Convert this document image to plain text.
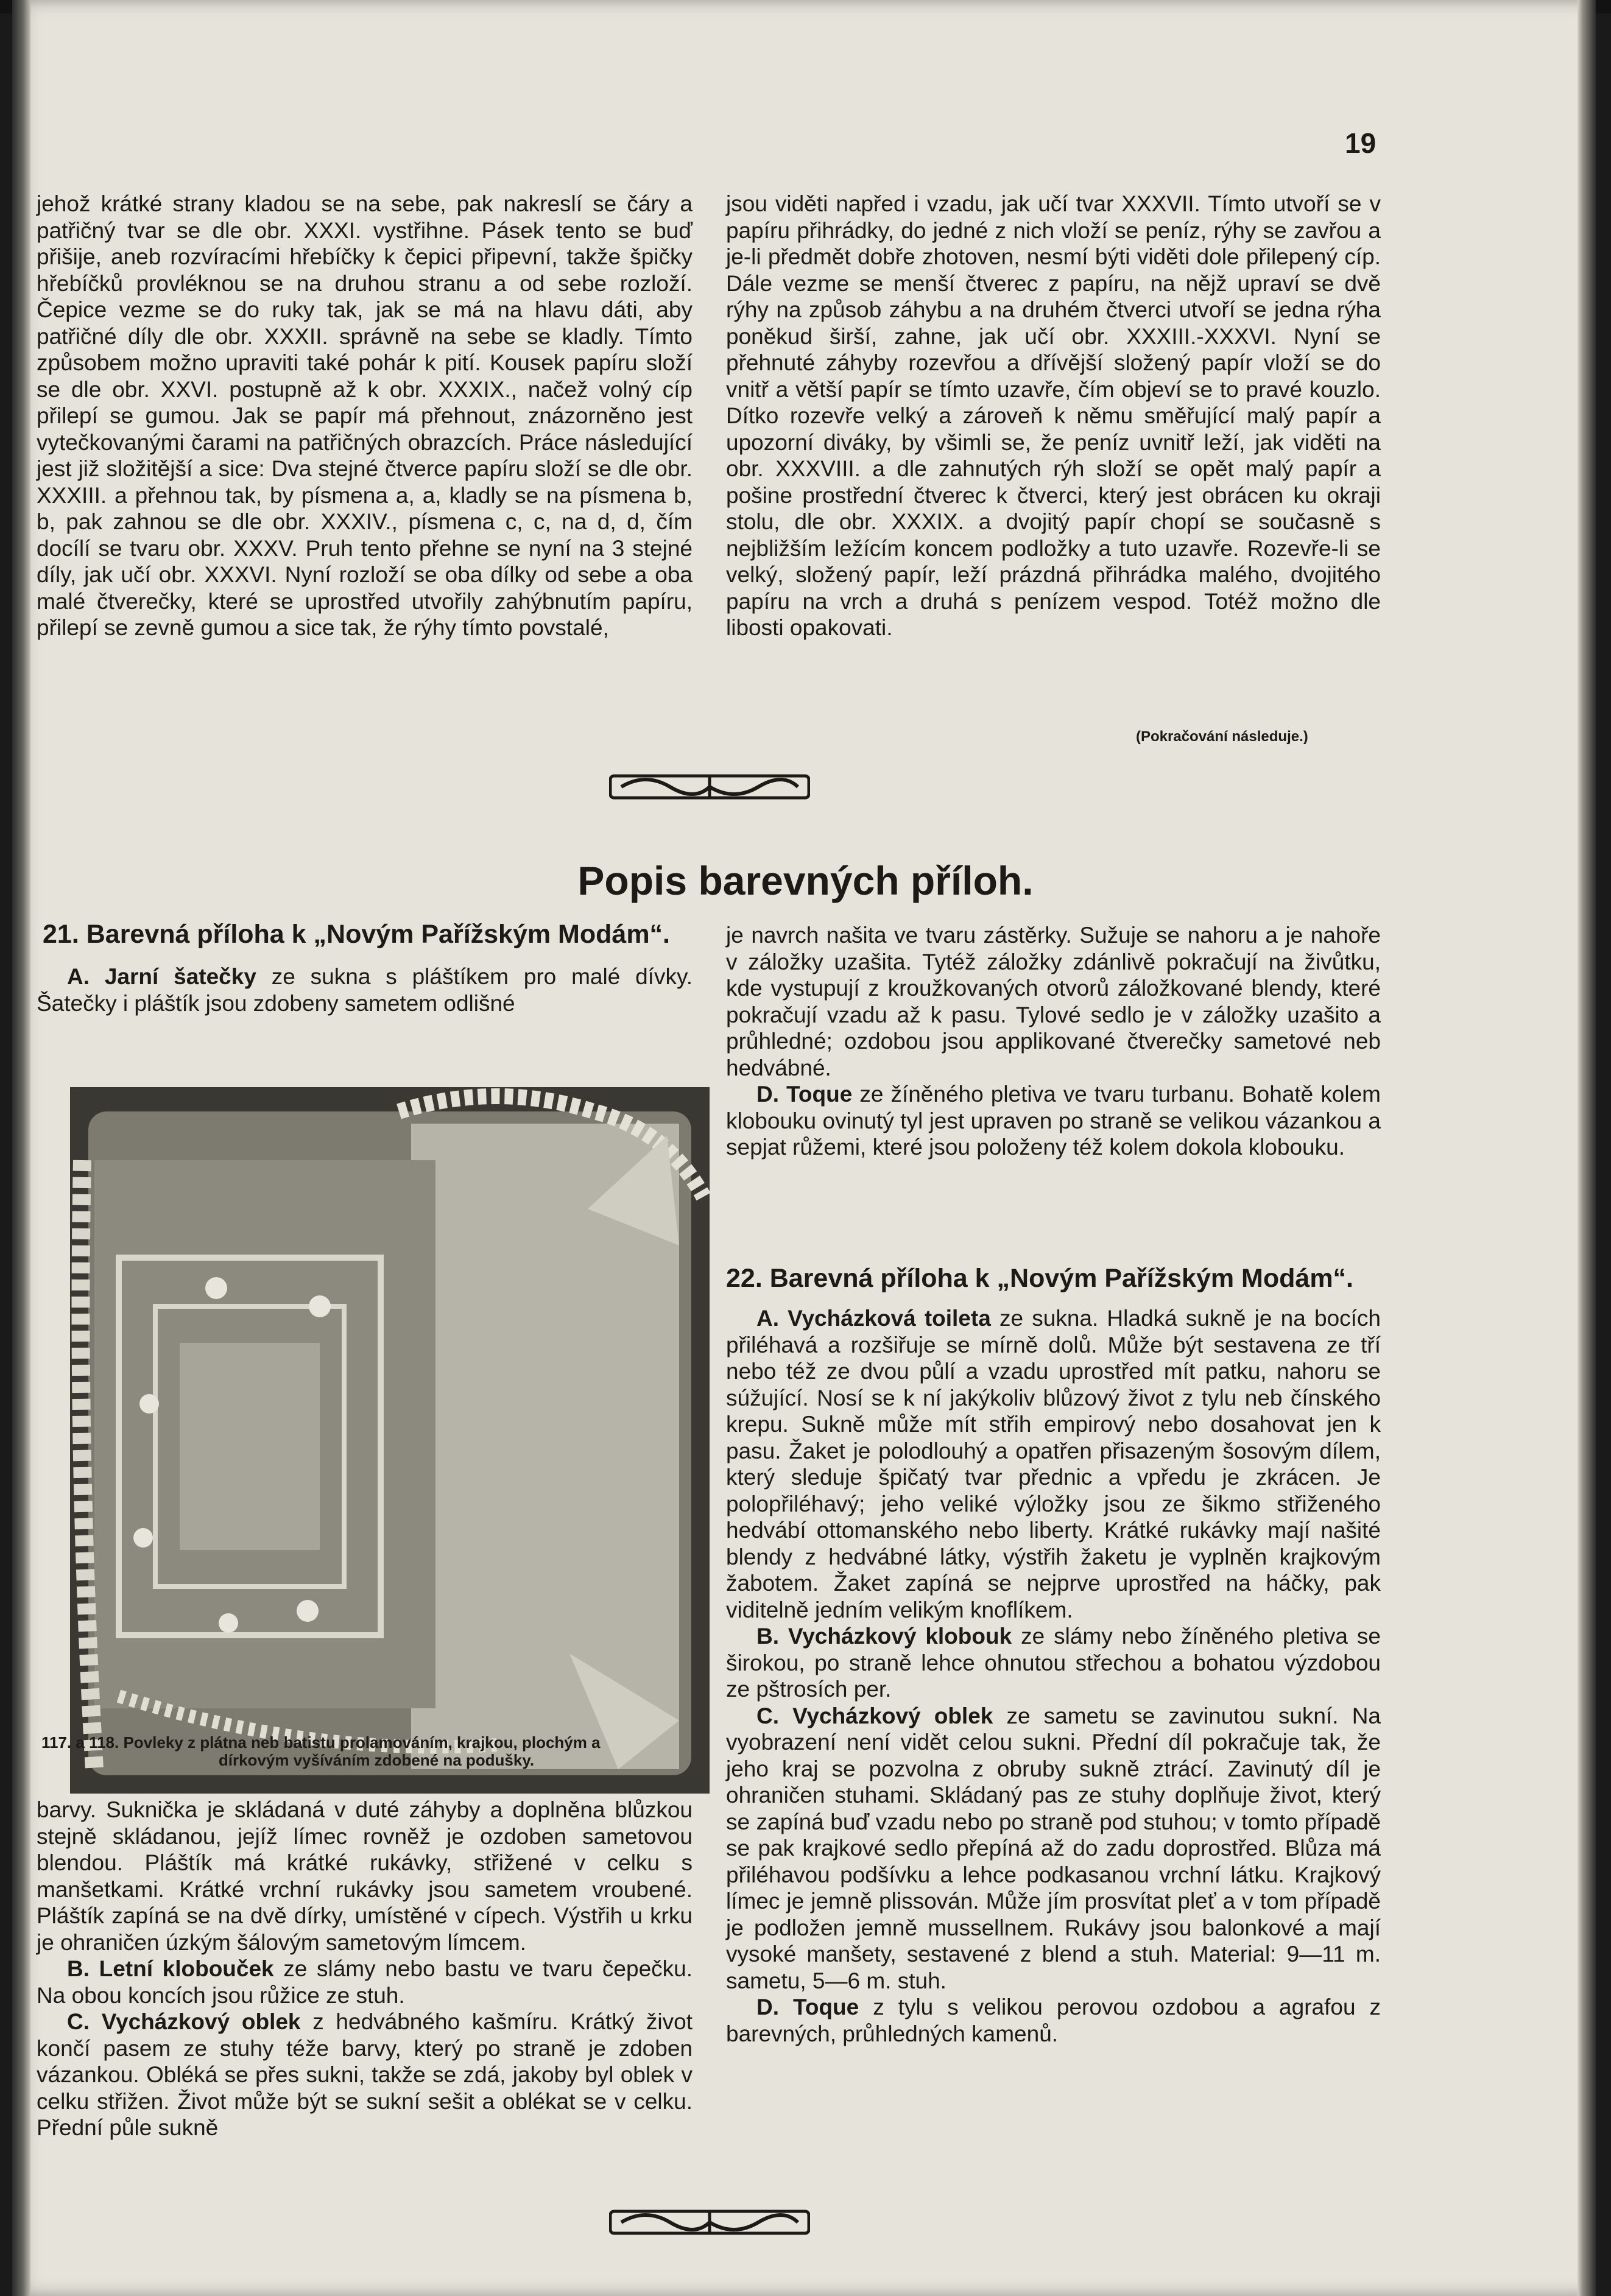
19

jehož krátké strany kladou se na sebe, pak nakreslí se čáry a patřičný tvar se dle obr. XXXI. vystřihne. Pásek tento se buď přišije, aneb rozvíracími hřebíčky k čepici připevní, takže špičky hřebíčků provléknou se na druhou stranu a od sebe rozloží. Čepice vezme se do ruky tak, jak se má na hlavu dáti, aby patřičné díly dle obr. XXXII. správně na sebe se kladly. Tímto způsobem možno upraviti také pohár k pití. Kousek papíru složí se dle obr. XXVI. postupně až k obr. XXXIX., načež volný cíp přilepí se gumou. Jak se papír má přehnout, znázorněno jest vytečkovanými čarami na patřičných obrazcích. Práce následující jest již složitější a sice: Dva stejné čtverce papíru složí se dle obr. XXXIII. a přehnou tak, by písmena a, a, kladly se na písmena b, b, pak zahnou se dle obr. XXXIV., písmena c, c, na d, d, čím docílí se tvaru obr. XXXV. Pruh tento přehne se nyní na 3 stejné díly, jak učí obr. XXXVI. Nyní rozloží se oba dílky od sebe a oba malé čtverečky, které se uprostřed utvořily zahýbnutím papíru, přilepí se zevně gumou a sice tak, že rýhy tímto povstalé,

jsou viděti napřed i vzadu, jak učí tvar XXXVII. Tímto utvoří se v papíru přihrádky, do jedné z nich vloží se peníz, rýhy se zavřou a je-li předmět dobře zhotoven, nesmí býti viděti dole přilepený cíp. Dále vezme se menší čtverec z papíru, na nějž upraví se dvě rýhy na způsob záhybu a na druhém čtverci utvoří se jedna rýha poněkud širší, zahne, jak učí obr. XXXIII.-XXXVI. Nyní se přehnuté záhyby rozevřou a dřívější složený papír vloží se do vnitř a větší papír se tímto uzavře, čím objeví se to pravé kouzlo. Dítko rozevře velký a zároveň k němu směřující malý papír a upozorní diváky, by všimli se, že peníz uvnitř leží, jak viděti na obr. XXXVIII. a dle zahnutých rýh složí se opět malý papír a pošine prostřední čtverec k čtverci, který jest obrácen ku okraji stolu, dle obr. XXXIX. a dvojitý papír chopí se současně s nejbližším ležícím koncem podložky a tuto uzavře. Rozevře-li se velký, složený papír, leží prázdná přihrádka malého, dvojitého papíru na vrch a druhá s penízem vespod. Totéž možno dle libosti opakovati.

(Pokračování následuje.)
Popis barevných příloh.
21. Barevná příloha k „Novým Pařížským Modám“.

A. Jarní šatečky ze sukna s pláštíkem pro malé dívky. Šatečky i pláštík jsou zdobeny sametem odlišné

117. a 118. Povleky z plátna neb batistu prolamováním, krajkou, plochým a
dírkovým vyšíváním zdobené na podušky.

barvy. Suknička je skládaná v duté záhyby a doplněna blůzkou stejně skládanou, jejíž límec rovněž je ozdoben sametovou blendou. Pláštík má krátké rukávky, střižené v celku s manšetkami. Krátké vrchní rukávky jsou sametem vroubené. Pláštík zapíná se na dvě dírky, umístěné v cípech. Výstřih u krku je ohraničen úzkým šálovým sametovým límcem.

B. Letní klobouček ze slámy nebo bastu ve tvaru čepečku. Na obou koncích jsou růžice ze stuh.

C. Vycházkový oblek z hedvábného kašmíru. Krátký život končí pasem ze stuhy téže barvy, který po straně je zdoben vázankou. Obléká se přes sukni, takže se zdá, jakoby byl oblek v celku střižen. Život může být se sukní sešit a oblékat se v celku. Přední půle sukně

je navrch našita ve tvaru zástěrky. Sužuje se nahoru a je nahoře v záložky uzašita. Tytéž záložky zdánlivě pokračují na živůtku, kde vystupují z kroužkovaných otvorů záložkované blendy, které pokračují vzadu až k pasu. Tylové sedlo je v záložky uzašito a průhledné; ozdobou jsou applikované čtverečky sametové neb hedvábné.

D. Toque ze žíněného pletiva ve tvaru turbanu. Bohatě kolem klobouku ovinutý tyl jest upraven po straně se velikou vázankou a sepjat růžemi, které jsou položeny též kolem dokola klobouku.

22. Barevná příloha k „Novým Pařížským Modám“.

A. Vycházková toileta ze sukna. Hladká sukně je na bocích přiléhavá a rozšiřuje se mírně dolů. Může být sestavena ze tří nebo též ze dvou půlí a vzadu uprostřed mít patku, nahoru se súžující. Nosí se k ní jakýkoliv blůzový život z tylu neb čínského krepu. Sukně může mít střih empirový nebo dosahovat jen k pasu. Žaket je polodlouhý a opatřen přisazeným šosovým dílem, který sleduje špičatý tvar přednic a vpředu je zkrácen. Je polopřiléhavý; jeho veliké výložky jsou ze šikmo střiženého hedvábí ottomanského nebo liberty. Krátké rukávky mají našité blendy z hedvábné látky, výstřih žaketu je vyplněn krajkovým žabotem. Žaket zapíná se nejprve uprostřed na háčky, pak viditelně jedním velikým knoflíkem.

B. Vycházkový klobouk ze slámy nebo žíněného pletiva se širokou, po straně lehce ohnutou střechou a bohatou výzdobou ze pštrosích per.

C. Vycházkový oblek ze sametu se zavinutou sukní. Na vyobrazení není vidět celou sukni. Přední díl pokračuje tak, že jeho kraj se pozvolna z obruby sukně ztrácí. Zavinutý díl je ohraničen stuhami. Skládaný pas ze stuhy doplňuje život, který se zapíná buď vzadu nebo po straně pod stuhou; v tomto případě se pak krajkové sedlo přepíná až do zadu doprostřed. Blůza má přiléhavou podšívku a lehce podkasanou vrchní látku. Krajkový límec je jemně plissován. Může jím prosvítat pleť a v tom případě je podložen jemně mussellnem. Rukávy jsou balonkové a mají vysoké manšety, sestavené z blend a stuh. Material: 9—11 m. sametu, 5—6 m. stuh.

D. Toque z tylu s velikou perovou ozdobou a agrafou z barevných, průhledných kamenů.
